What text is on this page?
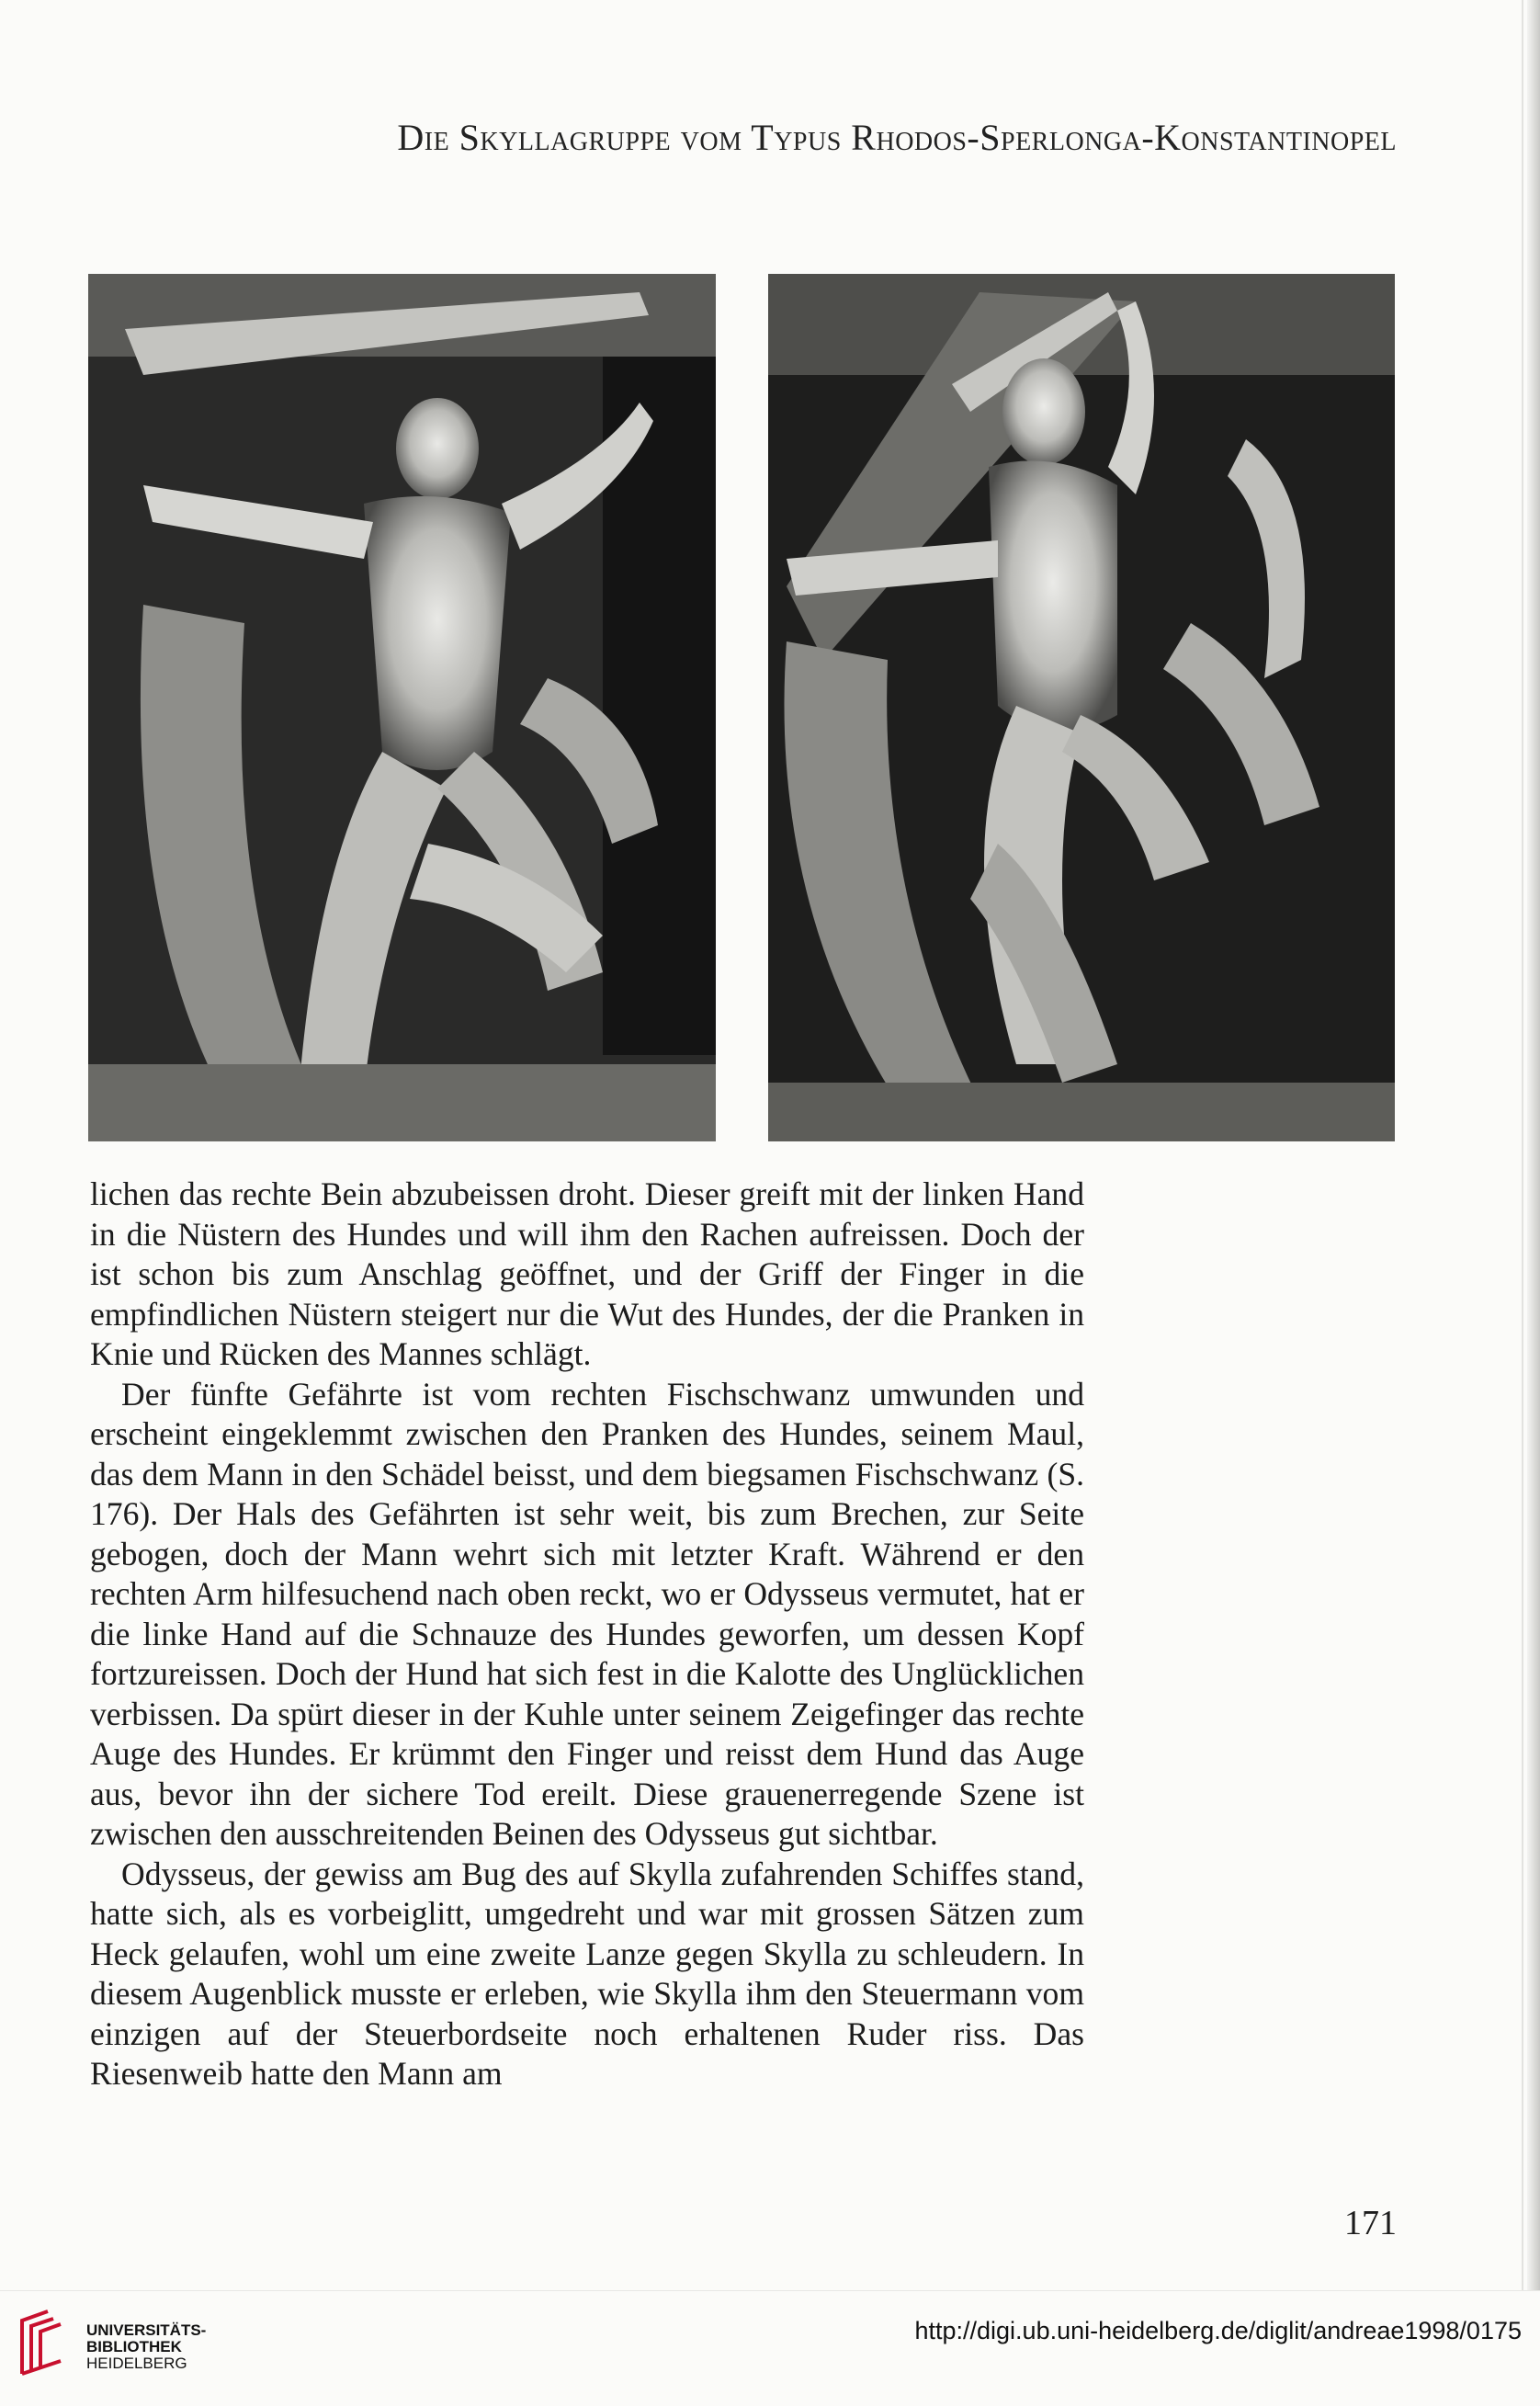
Die Skyllagruppe vom Typus Rhodos-Sperlonga-Konstantinopel

lichen das rechte Bein abzubeissen droht. Dieser greift mit der linken Hand in die Nüstern des Hundes und will ihm den Rachen aufreissen. Doch der ist schon bis zum Anschlag geöffnet, und der Griff der Finger in die empfindlichen Nüstern steigert nur die Wut des Hundes, der die Pranken in Knie und Rücken des Mannes schlägt.

Der fünfte Gefährte ist vom rechten Fischschwanz umwunden und erscheint eingeklemmt zwischen den Pranken des Hundes, seinem Maul, das dem Mann in den Schädel beisst, und dem biegsamen Fischschwanz (S. 176). Der Hals des Gefährten ist sehr weit, bis zum Brechen, zur Seite gebogen, doch der Mann wehrt sich mit letzter Kraft. Während er den rechten Arm hilfesuchend nach oben reckt, wo er Odysseus vermutet, hat er die linke Hand auf die Schnauze des Hundes geworfen, um dessen Kopf fortzureissen. Doch der Hund hat sich fest in die Kalotte des Unglücklichen verbissen. Da spürt dieser in der Kuhle unter seinem Zeigefinger das rechte Auge des Hundes. Er krümmt den Finger und reisst dem Hund das Auge aus, bevor ihn der sichere Tod ereilt. Diese grauenerregende Szene ist zwischen den ausschreitenden Beinen des Odysseus gut sichtbar.

Odysseus, der gewiss am Bug des auf Skylla zufahrenden Schiffes stand, hatte sich, als es vorbeiglitt, umgedreht und war mit grossen Sätzen zum Heck gelaufen, wohl um eine zweite Lanze gegen Skylla zu schleudern. In diesem Augenblick musste er erleben, wie Skylla ihm den Steuermann vom einzigen auf der Steuerbordseite noch erhaltenen Ruder riss. Das Riesenweib hatte den Mann am

171
UNIVERSITÄTS-
BIBLIOTHEK
HEIDELBERG
http://digi.ub.uni-heidelberg.de/diglit/andreae1998/0175
